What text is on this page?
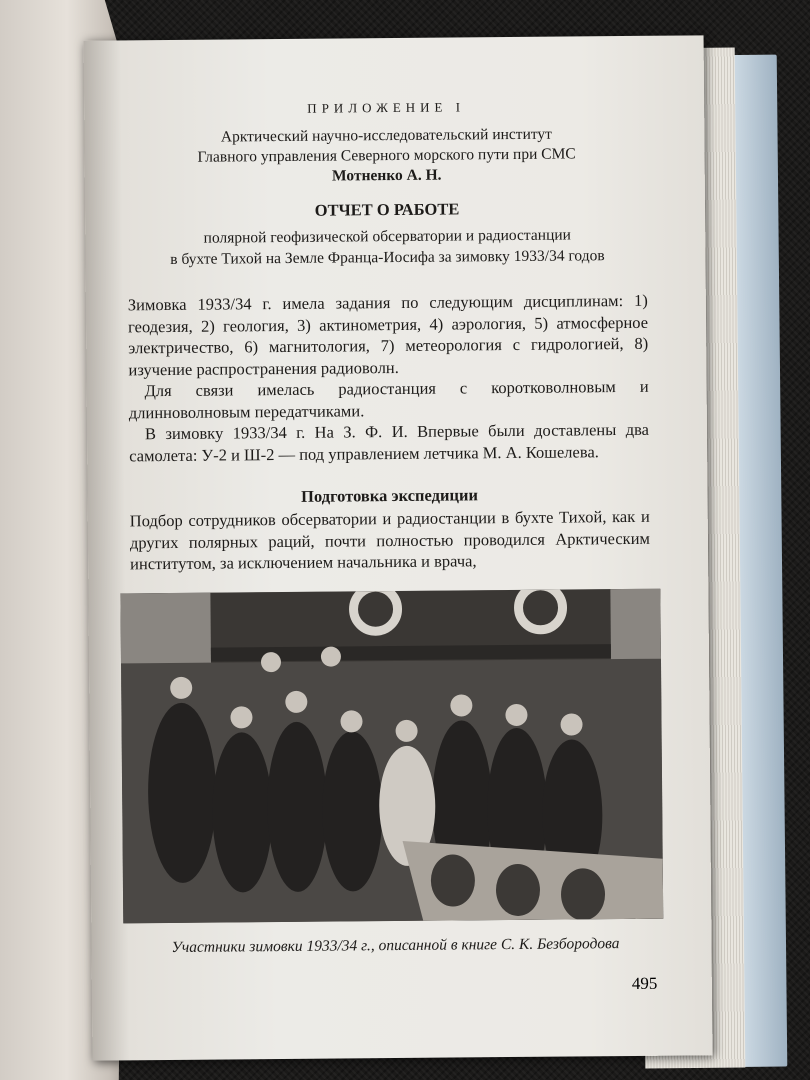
ПРИЛОЖЕНИЕ I

Арктический научно-исследовательский институт
Главного управления Северного морского пути при СМС
Мотненко А. Н.

ОТЧЕТ О РАБОТЕ

полярной геофизической обсерватории и радиостанции
в бухте Тихой на Земле Франца-Иосифа за зимовку 1933/34 годов

Зимовка 1933/34 г. имела задания по следующим дисциплинам: 1) геодезия, 2) геология, 3) актинометрия, 4) аэрология, 5) атмосферное электричество, 6) магнитология, 7) метеорология с гидрологией, 8) изучение распространения радиоволн.

Для связи имелась радиостанция с коротковолновым и длинноволновым передатчиками.

В зимовку 1933/34 г. На З. Ф. И. Впервые были доставлены два самолета: У-2 и Ш-2 — под управлением летчика М. А. Кошелева.

Подготовка экспедиции

Подбор сотрудников обсерватории и радиостанции в бухте Тихой, как и других полярных раций, почти полностью проводился Арктическим институтом, за исключением начальника и врача,

Участники зимовки 1933/34 г., описанной в книге С. К. Безбородова

495
